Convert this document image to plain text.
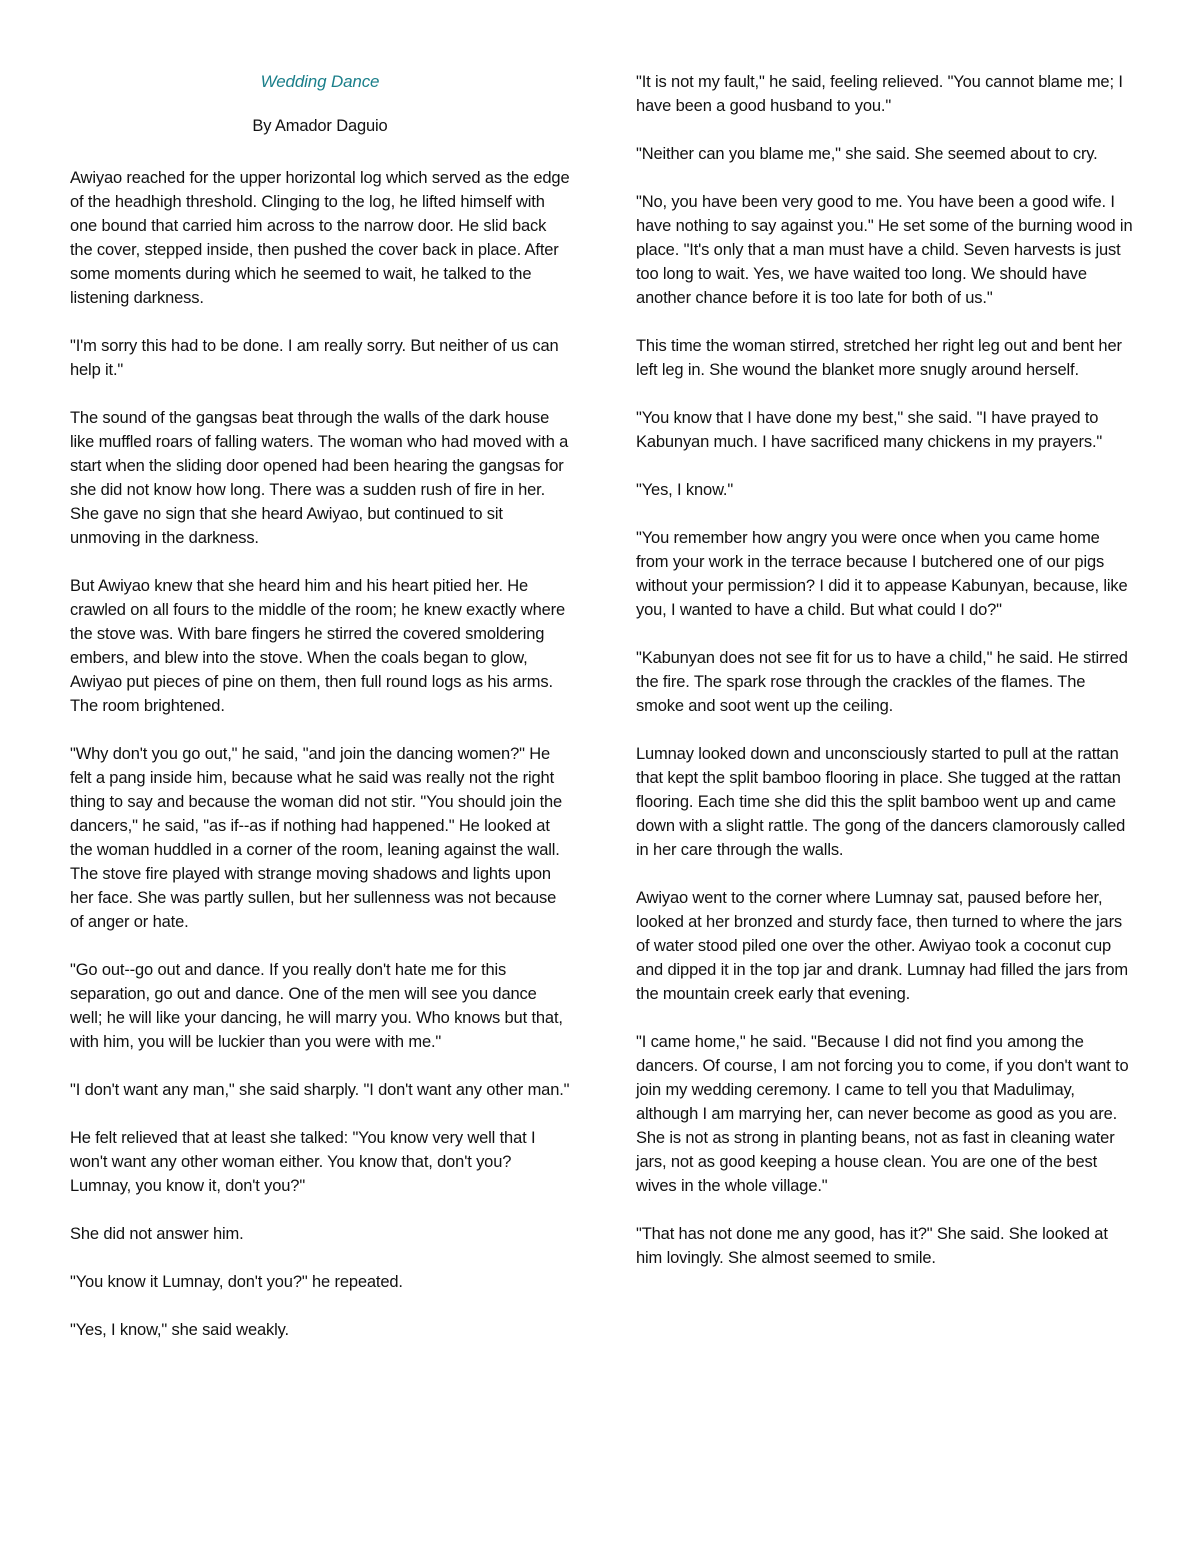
Wedding Dance
By Amador Daguio

Awiyao reached for the upper horizontal log which served as the edge of the headhigh threshold. Clinging to the log, he lifted himself with one bound that carried him across to the narrow door. He slid back the cover, stepped inside, then pushed the cover back in place. After some moments during which he seemed to wait, he talked to the listening darkness.

"I'm sorry this had to be done. I am really sorry. But neither of us can help it."

The sound of the gangsas beat through the walls of the dark house like muffled roars of falling waters. The woman who had moved with a start when the sliding door opened had been hearing the gangsas for she did not know how long. There was a sudden rush of fire in her. She gave no sign that she heard Awiyao, but continued to sit unmoving in the darkness.

But Awiyao knew that she heard him and his heart pitied her. He crawled on all fours to the middle of the room; he knew exactly where the stove was. With bare fingers he stirred the covered smoldering embers, and blew into the stove. When the coals began to glow, Awiyao put pieces of pine on them, then full round logs as his arms. The room brightened.

"Why don't you go out," he said, "and join the dancing women?" He felt a pang inside him, because what he said was really not the right thing to say and because the woman did not stir. "You should join the dancers," he said, "as if--as if nothing had happened." He looked at the woman huddled in a corner of the room, leaning against the wall. The stove fire played with strange moving shadows and lights upon her face. She was partly sullen, but her sullenness was not because of anger or hate.

"Go out--go out and dance. If you really don't hate me for this separation, go out and dance. One of the men will see you dance well; he will like your dancing, he will marry you. Who knows but that, with him, you will be luckier than you were with me."

"I don't want any man," she said sharply. "I don't want any other man."

He felt relieved that at least she talked: "You know very well that I won't want any other woman either. You know that, don't you? Lumnay, you know it, don't you?"

She did not answer him.

"You know it Lumnay, don't you?" he repeated.

"Yes, I know," she said weakly.

"It is not my fault," he said, feeling relieved. "You cannot blame me; I have been a good husband to you."

"Neither can you blame me," she said. She seemed about to cry.

"No, you have been very good to me. You have been a good wife. I have nothing to say against you." He set some of the burning wood in place. "It's only that a man must have a child. Seven harvests is just too long to wait. Yes, we have waited too long. We should have another chance before it is too late for both of us."

This time the woman stirred, stretched her right leg out and bent her left leg in. She wound the blanket more snugly around herself.

"You know that I have done my best," she said. "I have prayed to Kabunyan much. I have sacrificed many chickens in my prayers."

"Yes, I know."

"You remember how angry you were once when you came home from your work in the terrace because I butchered one of our pigs without your permission? I did it to appease Kabunyan, because, like you, I wanted to have a child. But what could I do?"

"Kabunyan does not see fit for us to have a child," he said. He stirred the fire. The spark rose through the crackles of the flames. The smoke and soot went up the ceiling.

Lumnay looked down and unconsciously started to pull at the rattan that kept the split bamboo flooring in place. She tugged at the rattan flooring. Each time she did this the split bamboo went up and came down with a slight rattle. The gong of the dancers clamorously called in her care through the walls.

Awiyao went to the corner where Lumnay sat, paused before her, looked at her bronzed and sturdy face, then turned to where the jars of water stood piled one over the other. Awiyao took a coconut cup and dipped it in the top jar and drank. Lumnay had filled the jars from the mountain creek early that evening.

"I came home," he said. "Because I did not find you among the dancers. Of course, I am not forcing you to come, if you don't want to join my wedding ceremony. I came to tell you that Madulimay, although I am marrying her, can never become as good as you are. She is not as strong in planting beans, not as fast in cleaning water jars, not as good keeping a house clean. You are one of the best wives in the whole village."

"That has not done me any good, has it?" She said. She looked at him lovingly. She almost seemed to smile.
